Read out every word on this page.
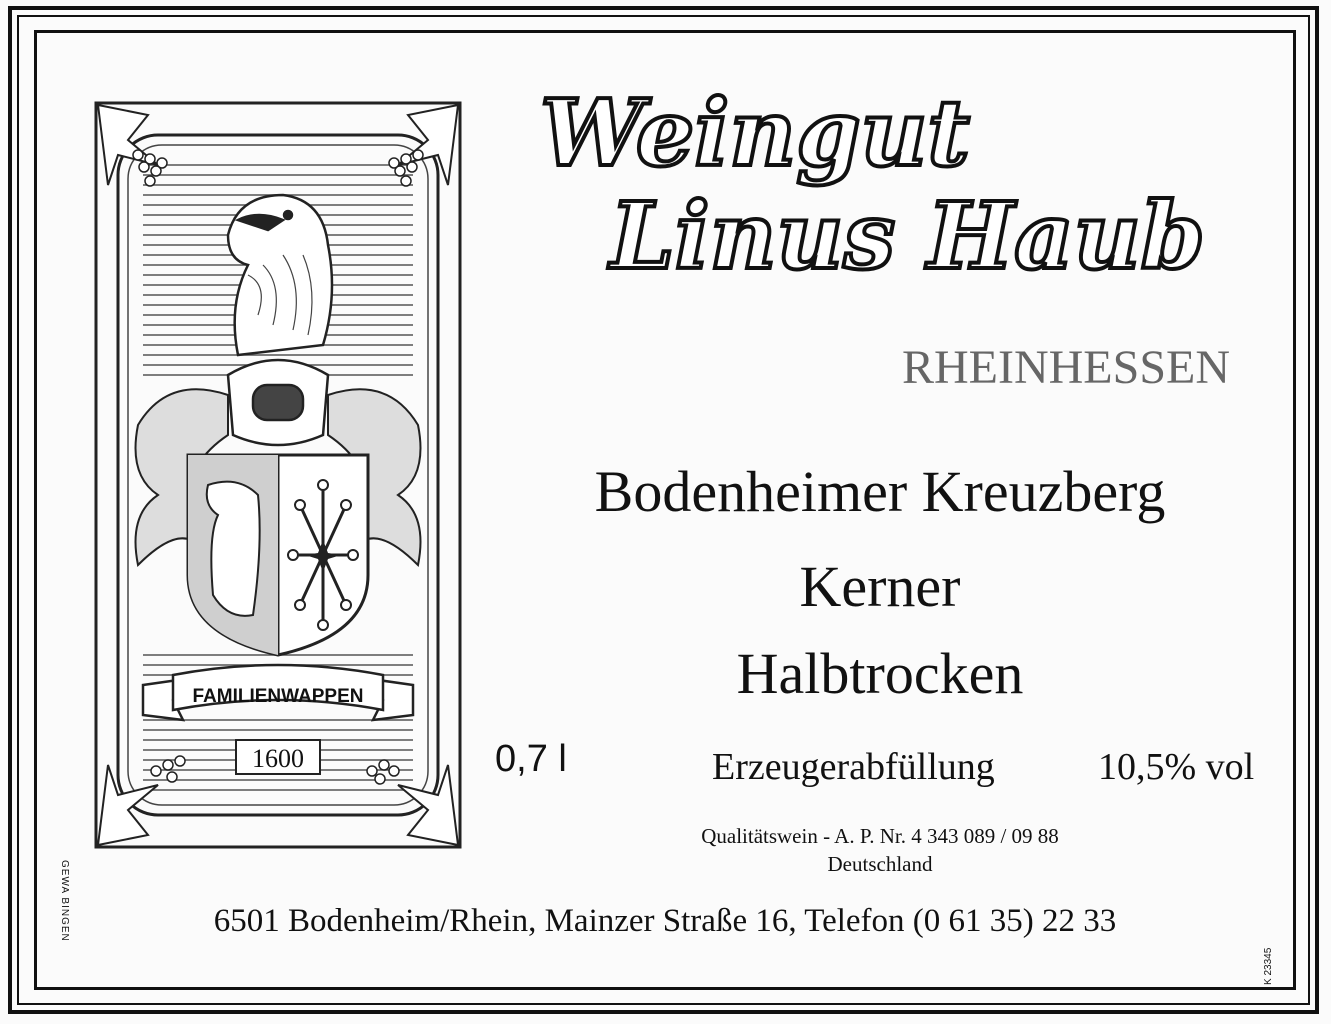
FAMILIENWAPPEN
1600
Weingut
Linus Haub
RHEINHESSEN
Bodenheimer Kreuzberg
Kerner
Halbtrocken
0,7 l	Erzeugerabfüllung	10,5% vol
Qualitätswein - A. P. Nr. 4 343 089 / 09 88
Deutschland
6501 Bodenheim/Rhein, Mainzer Straße 16, Telefon (0 61 35) 22 33
GEWA BINGEN
K 23345
